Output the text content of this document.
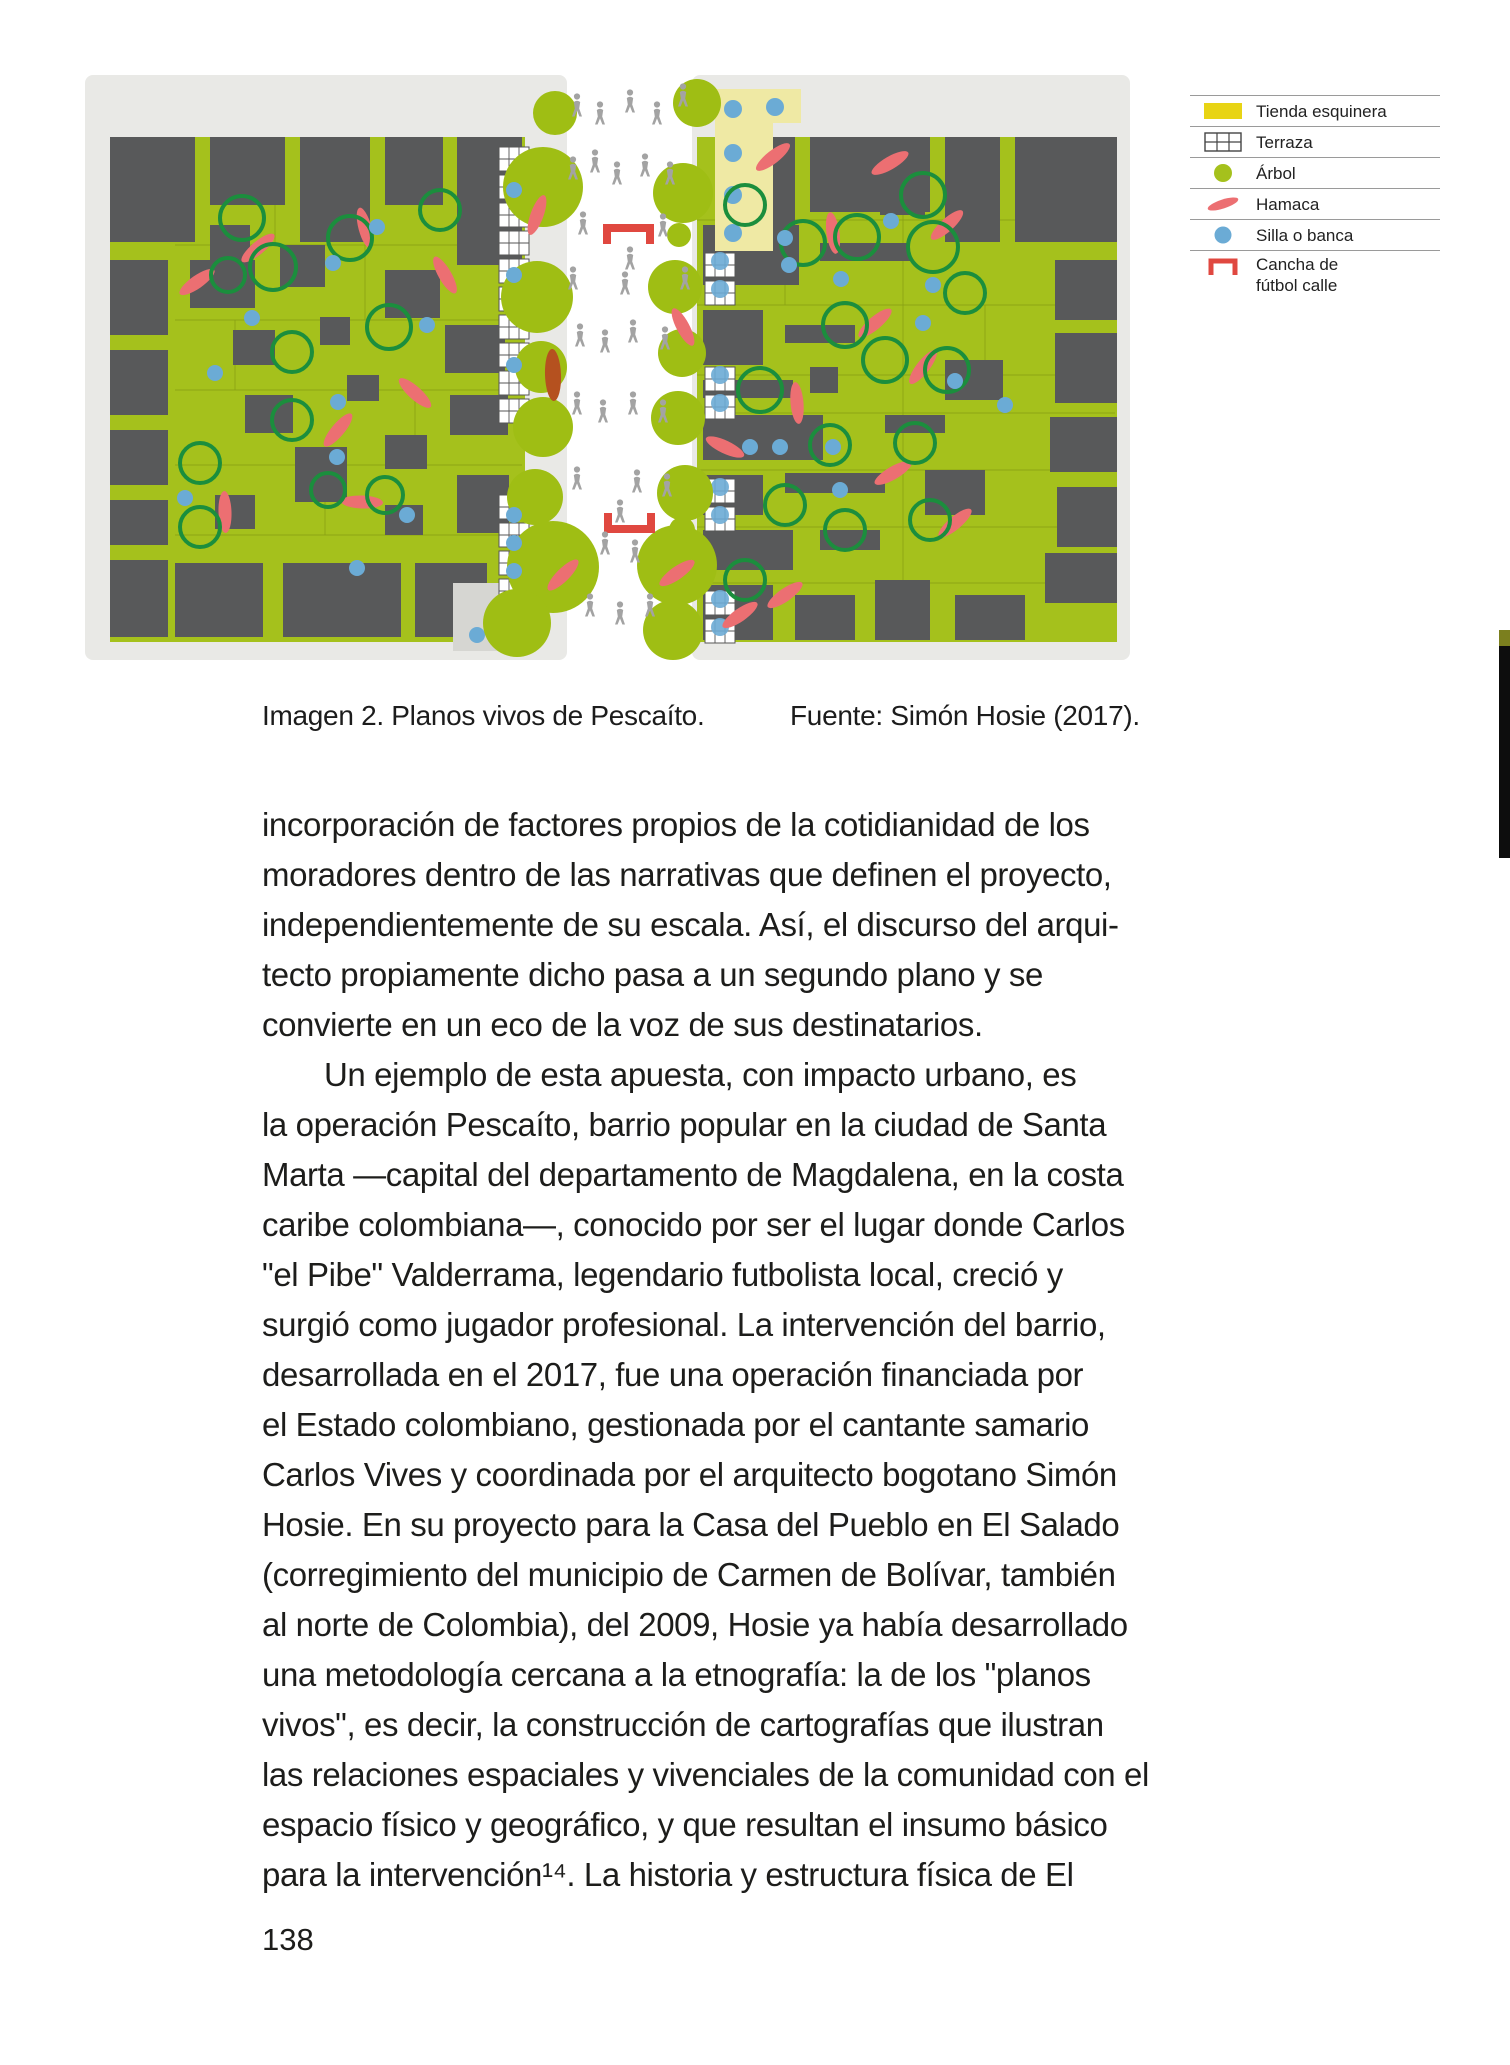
Tienda esquinera
Terraza
Árbol
Hamaca
Silla o banca
Cancha de
fútbol calle
Imagen 2. Planos vivos de Pescaíto.	Fuente: Simón Hosie (2017).
incorporación de factores propios de la cotidianidad de los
moradores dentro de las narrativas que definen el proyecto,
independientemente de su escala. Así, el discurso del arqui-
tecto propiamente dicho pasa a un segundo plano y se
convierte en un eco de la voz de sus destinatarios.
Un ejemplo de esta apuesta, con impacto urbano, es
la operación Pescaíto, barrio popular en la ciudad de Santa
Marta —capital del departamento de Magdalena, en la costa
caribe colombiana—, conocido por ser el lugar donde Carlos
"el Pibe" Valderrama, legendario futbolista local, creció y
surgió como jugador profesional. La intervención del barrio,
desarrollada en el 2017, fue una operación financiada por
el Estado colombiano, gestionada por el cantante samario
Carlos Vives y coordinada por el arquitecto bogotano Simón
Hosie. En su proyecto para la Casa del Pueblo en El Salado
(corregimiento del municipio de Carmen de Bolívar, también
al norte de Colombia), del 2009, Hosie ya había desarrollado
una metodología cercana a la etnografía: la de los "planos
vivos", es decir, la construcción de cartografías que ilustran
las relaciones espaciales y vivenciales de la comunidad con el
espacio físico y geográfico, y que resultan el insumo básico
para la intervención¹⁴. La historia y estructura física de El
138
